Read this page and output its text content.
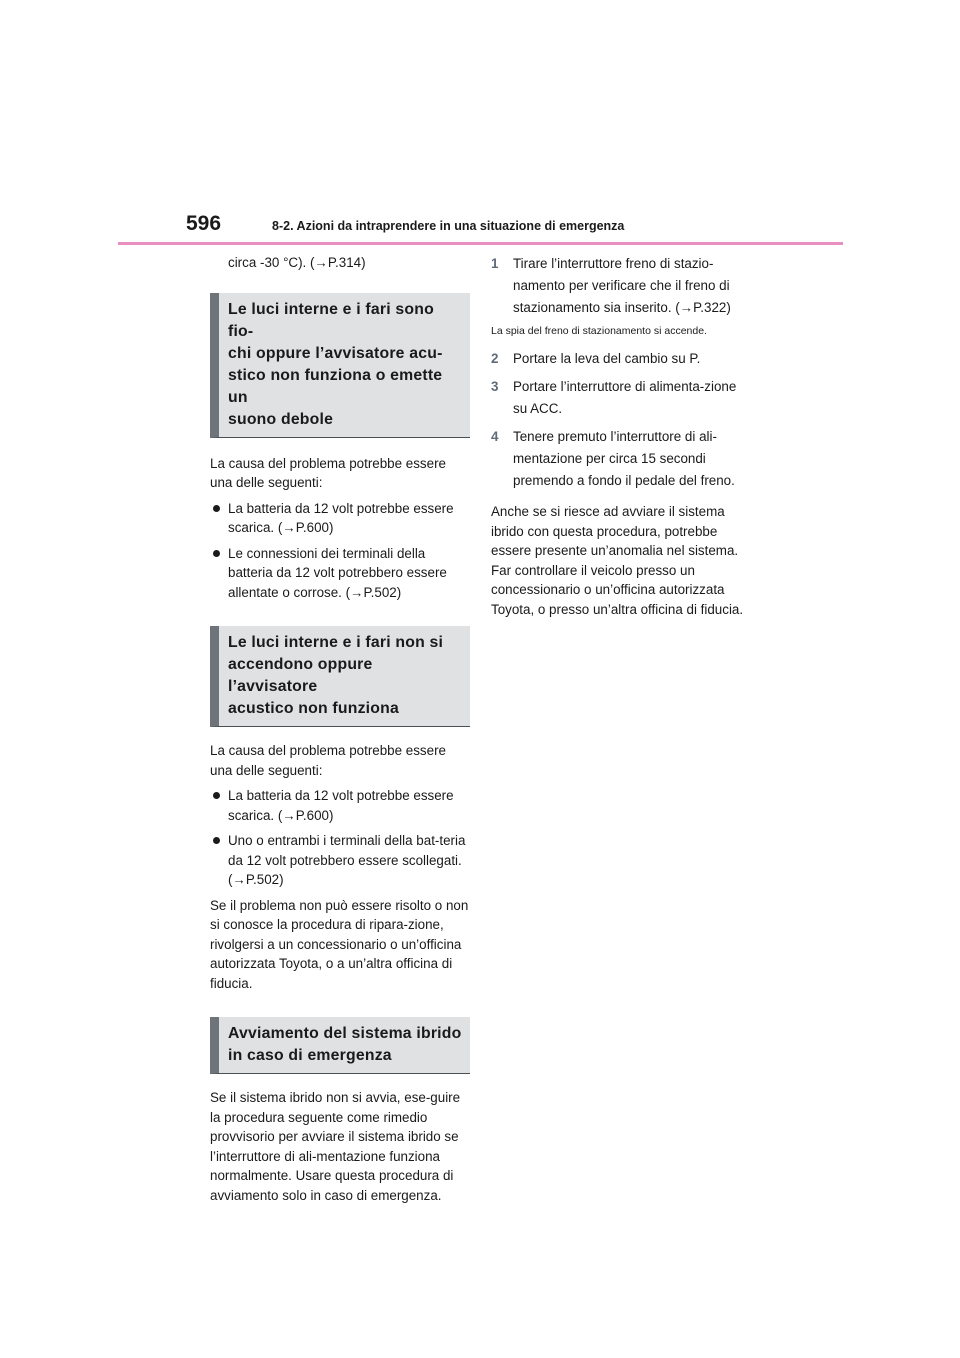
596	8-2. Azioni da intraprendere in una situazione di emergenza

circa -30 °C). (→P.314)

Le luci interne e i fari sono fio-
chi oppure l’avvisatore acu-
stico non funziona o emette un
suono debole

La causa del problema potrebbe essere una delle seguenti:

La batteria da 12 volt potrebbe essere scarica. (→P.600)
Le connessioni dei terminali della batteria da 12 volt potrebbero essere allentate o corrose. (→P.502)
Le luci interne e i fari non si
accendono oppure l’avvisatore
acustico non funziona

La causa del problema potrebbe essere una delle seguenti:

La batteria da 12 volt potrebbe essere scarica. (→P.600)
Uno o entrambi i terminali della bat-teria da 12 volt potrebbero essere scollegati. (→P.502)

Se il problema non può essere risolto o non si conosce la procedura di ripara-zione, rivolgersi a un concessionario o un’officina autorizzata Toyota, o a un’altra officina di fiducia.

Avviamento del sistema ibrido
in caso di emergenza

Se il sistema ibrido non si avvia, ese-guire la procedura seguente come rimedio provvisorio per avviare il sistema ibrido se l’interruttore di ali-mentazione funziona normalmente. Usare questa procedura di avviamento solo in caso di emergenza.

1 Tirare l’interruttore freno di stazio-namento per verificare che il freno di stazionamento sia inserito. (→P.322)

La spia del freno di stazionamento si accende.

2 Portare la leva del cambio su P.
3 Portare l’interruttore di alimenta-zione su ACC.
4 Tenere premuto l’interruttore di ali-mentazione per circa 15 secondi premendo a fondo il pedale del freno.

Anche se si riesce ad avviare il sistema ibrido con questa procedura, potrebbe essere presente un’anomalia nel sistema. Far controllare il veicolo presso un concessionario o un’officina autorizzata Toyota, o presso un’altra officina di fiducia.
